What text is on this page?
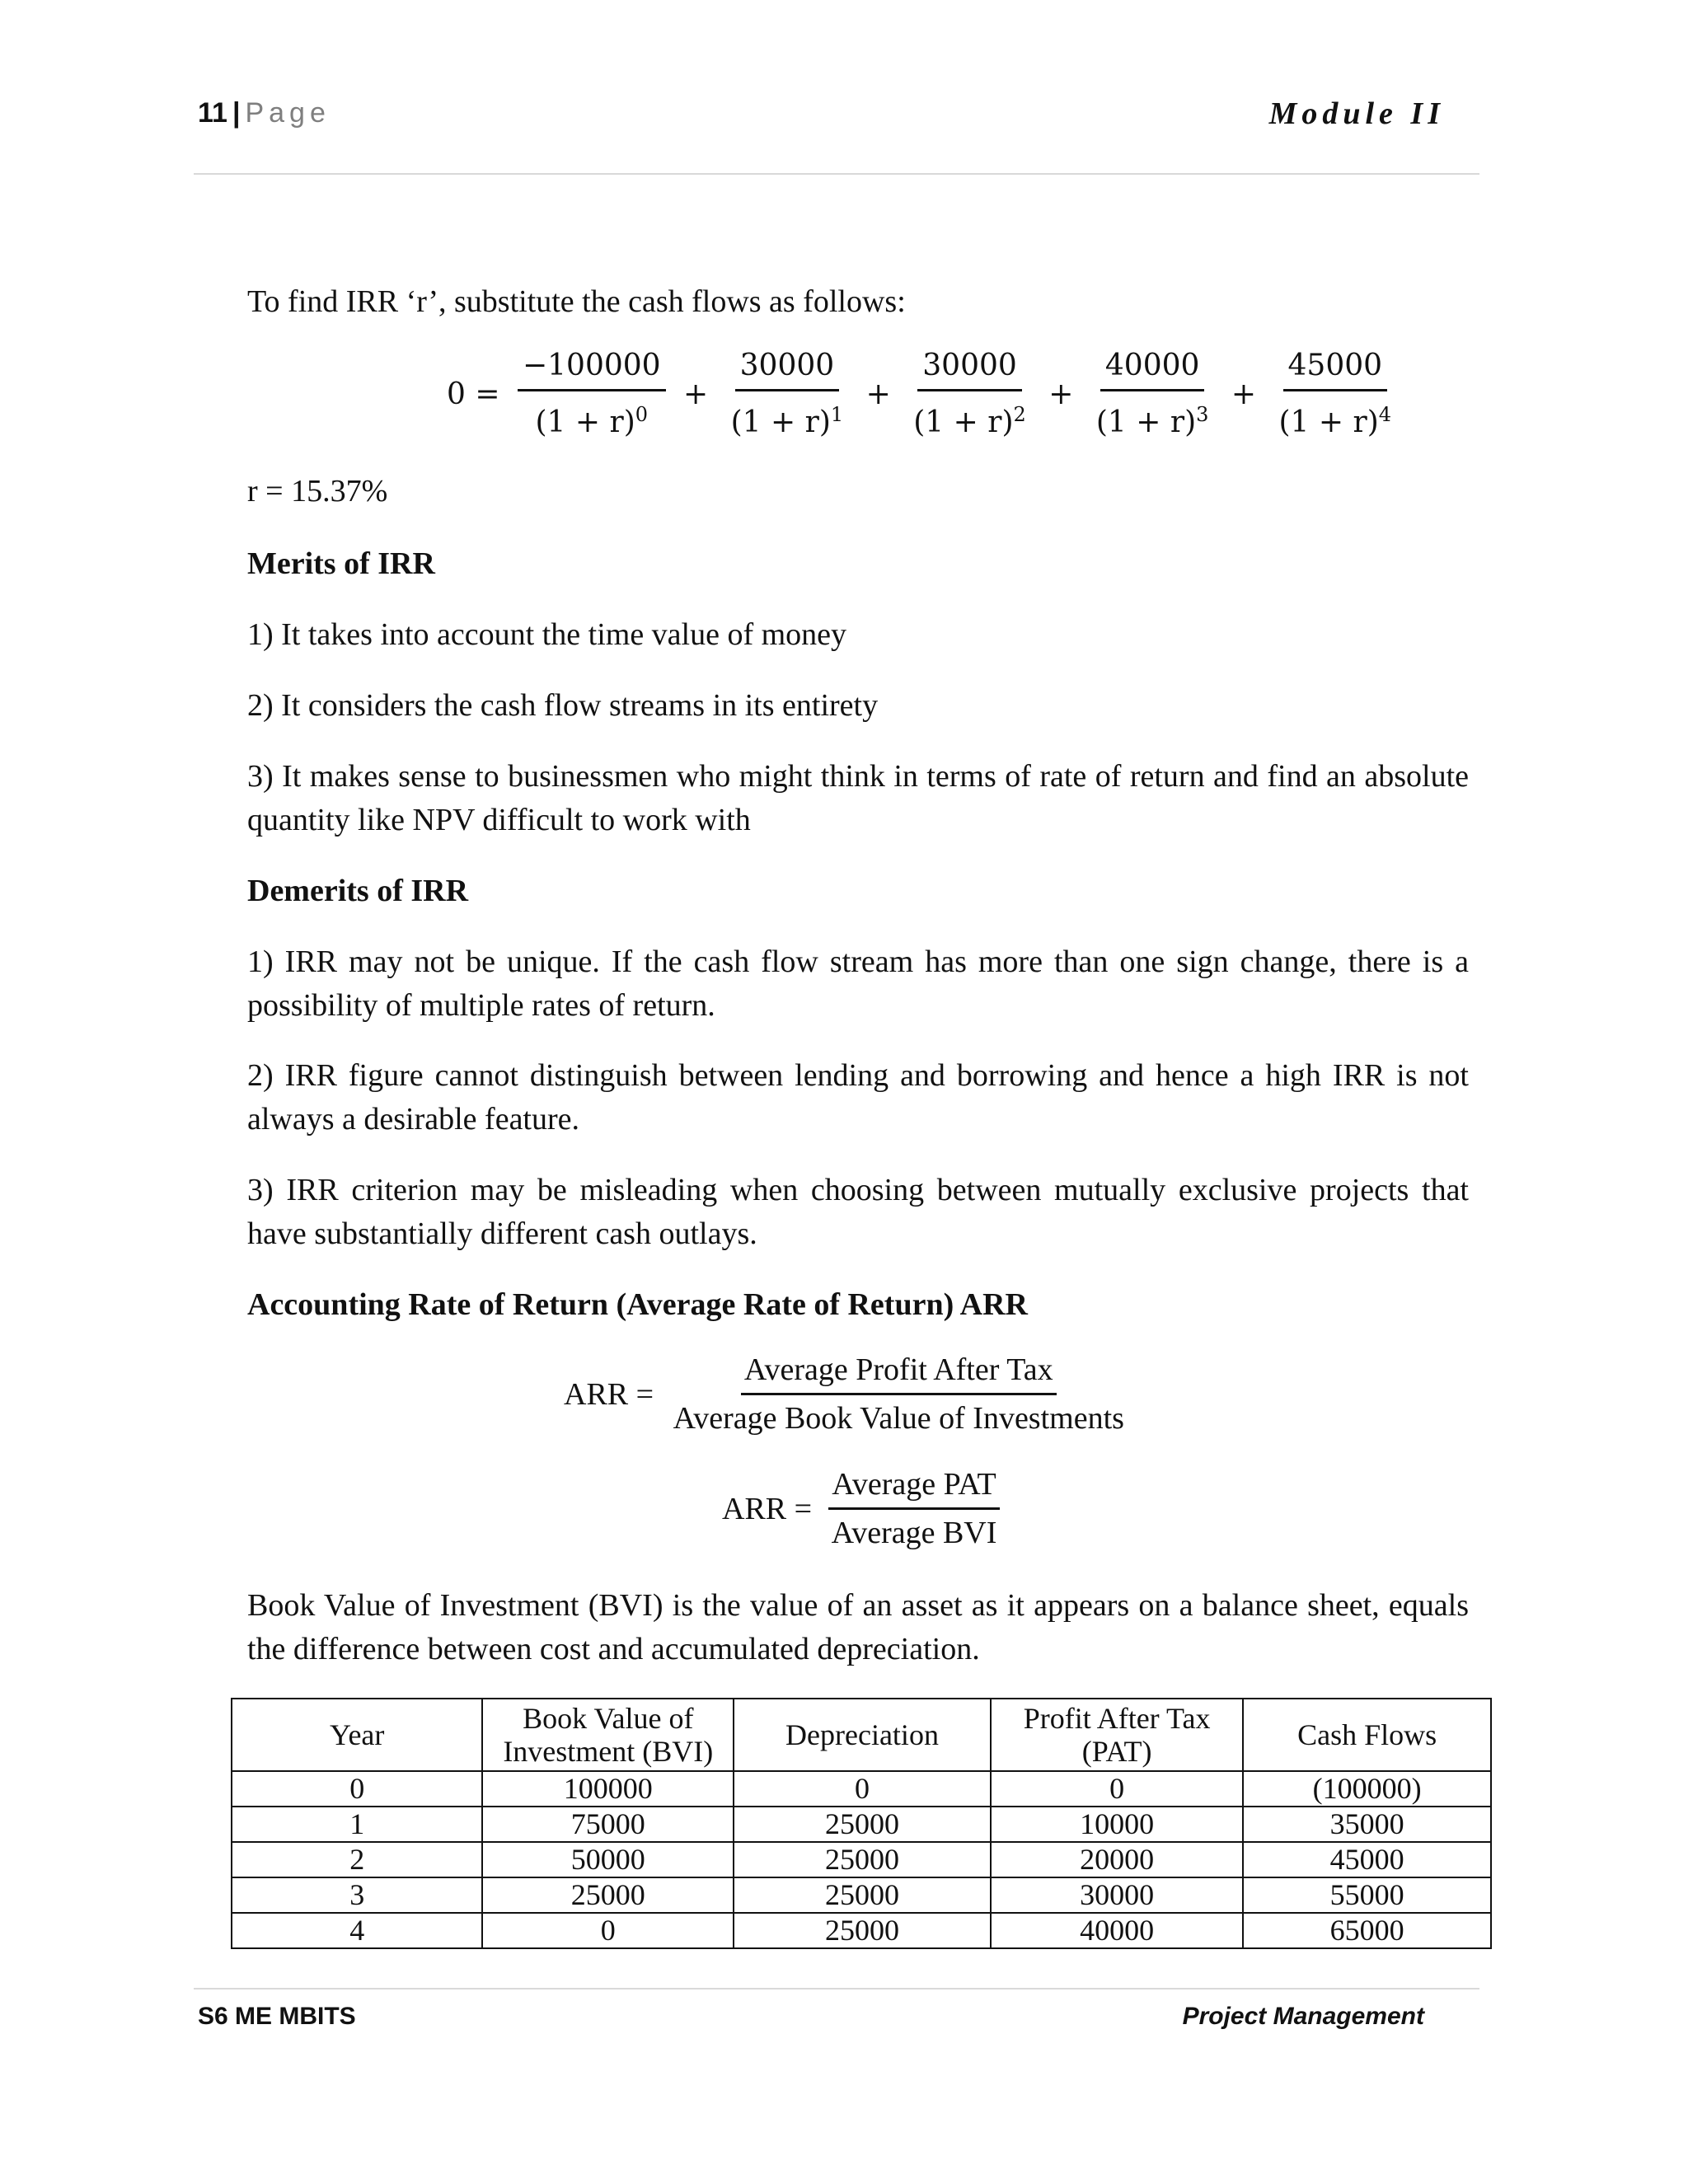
11 | Page	Module II
To find IRR ‘r’, substitute the cash flows as follows:
$0 = \frac{-100000}{(1 + r)^0} + \frac{30000}{(1 + r)^1} + \frac{30000}{(1 + r)^2} + \frac{40000}{(1 + r)^3} + \frac{45000}{(1 + r)^4}$
r = 15.37%
Merits of IRR
1) It takes into account the time value of money
2) It considers the cash flow streams in its entirety
3) It makes sense to businessmen who might think in terms of rate of return and find an absolute quantity like NPV difficult to work with
Demerits of IRR
1) IRR may not be unique. If the cash flow stream has more than one sign change, there is a possibility of multiple rates of return.
2) IRR figure cannot distinguish between lending and borrowing and hence a high IRR is not always a desirable feature.
3) IRR criterion may be misleading when choosing between mutually exclusive projects that have substantially different cash outlays.
Accounting Rate of Return (Average Rate of Return) ARR
ARR = $\frac{\text{Average Profit After Tax}}{\text{Average Book Value of Investments}}$
ARR = $\frac{\text{Average PAT}}{\text{Average BVI}}$
Book Value of Investment (BVI) is the value of an asset as it appears on a balance sheet, equals the difference between cost and accumulated depreciation.
Year	Book Value of Investment (BVI)	Depreciation	Profit After Tax (PAT)	Cash Flows
0	100000	0	0	(100000)
1	75000	25000	10000	35000
2	50000	25000	20000	45000
3	25000	25000	30000	55000
4	0	25000	40000	65000
S6 ME MBITS	Project Management
